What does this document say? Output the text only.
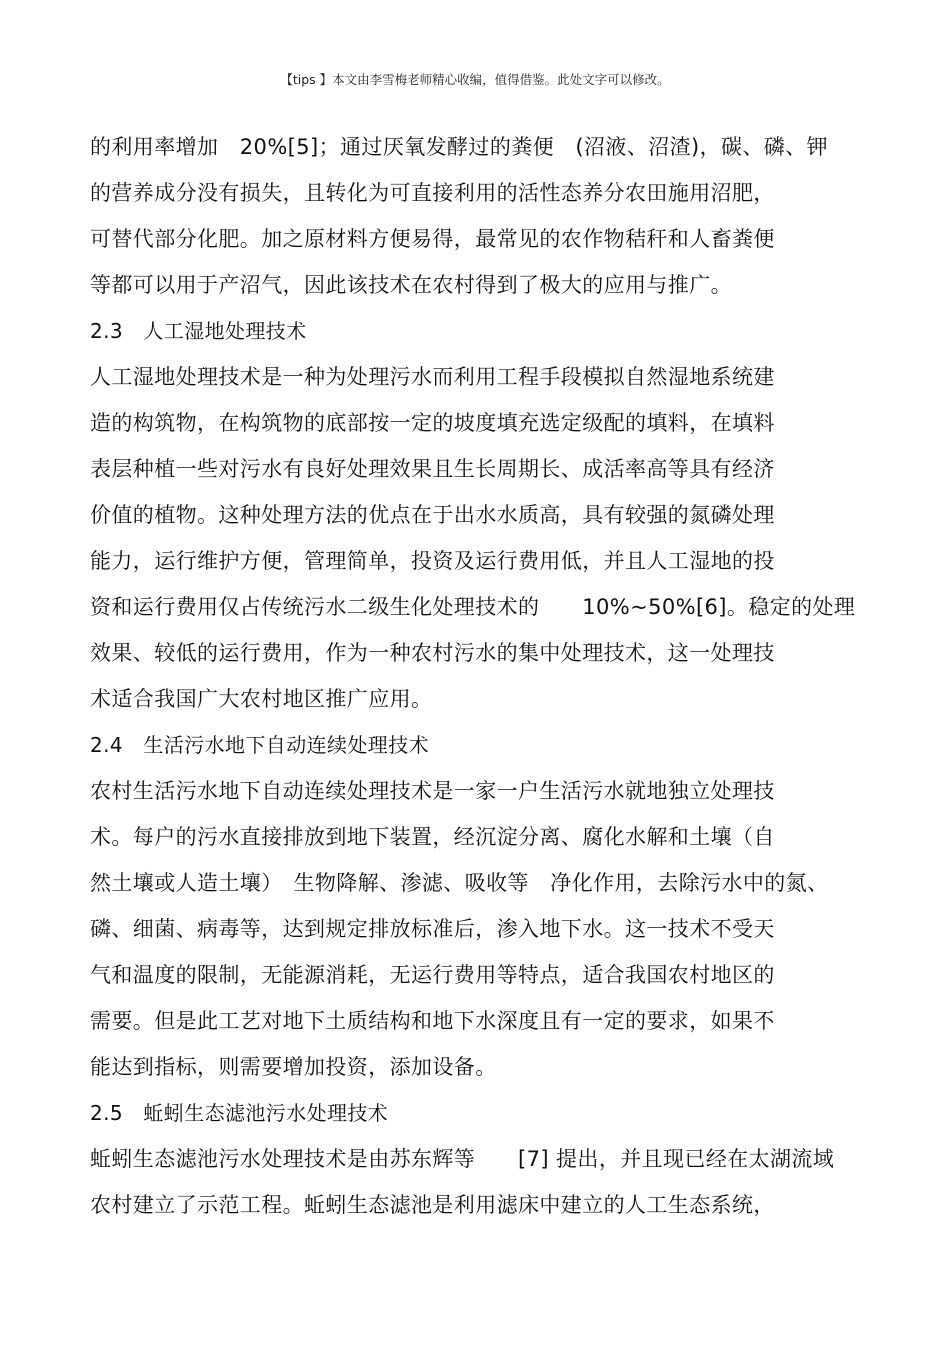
【tips 】本文由李雪梅老师精心收编，值得借鉴。此处文字可以修改。
的利用率增加　20%[5]；通过厌氧发酵过的粪便　(沼液、沼渣)，碳、磷、钾
的营养成分没有损失，且转化为可直接利用的活性态养分农田施用沼肥，
可替代部分化肥。加之原材料方便易得，最常见的农作物秸秆和人畜粪便
等都可以用于产沼气，因此该技术在农村得到了极大的应用与推广。
2.3　人工湿地处理技术
人工湿地处理技术是一种为处理污水而利用工程手段模拟自然湿地系统建
造的构筑物，在构筑物的底部按一定的坡度填充选定级配的填料，在填料
表层种植一些对污水有良好处理效果且生长周期长、成活率高等具有经济
价值的植物。这种处理方法的优点在于出水水质高，具有较强的氮磷处理
能力，运行维护方便，管理简单，投资及运行费用低，并且人工湿地的投
资和运行费用仅占传统污水二级生化处理技术的　　10%~50%[6]。稳定的处理
效果、较低的运行费用，作为一种农村污水的集中处理技术，这一处理技
术适合我国广大农村地区推广应用。
2.4　生活污水地下自动连续处理技术
农村生活污水地下自动连续处理技术是一家一户生活污水就地独立处理技
术。每户的污水直接排放到地下装置，经沉淀分离、腐化水解和土壤（自
然土壤或人造土壤）　生物降解、渗滤、吸收等　净化作用，去除污水中的氮、
磷、细菌、病毒等，达到规定排放标准后，渗入地下水。这一技术不受天
气和温度的限制，无能源消耗，无运行费用等特点，适合我国农村地区的
需要。但是此工艺对地下土质结构和地下水深度且有一定的要求，如果不
能达到指标，则需要增加投资，添加设备。
2.5　蚯蚓生态滤池污水处理技术
蚯蚓生态滤池污水处理技术是由苏东辉等　　[7] 提出，并且现已经在太湖流域
农村建立了示范工程。蚯蚓生态滤池是利用滤床中建立的人工生态系统，
